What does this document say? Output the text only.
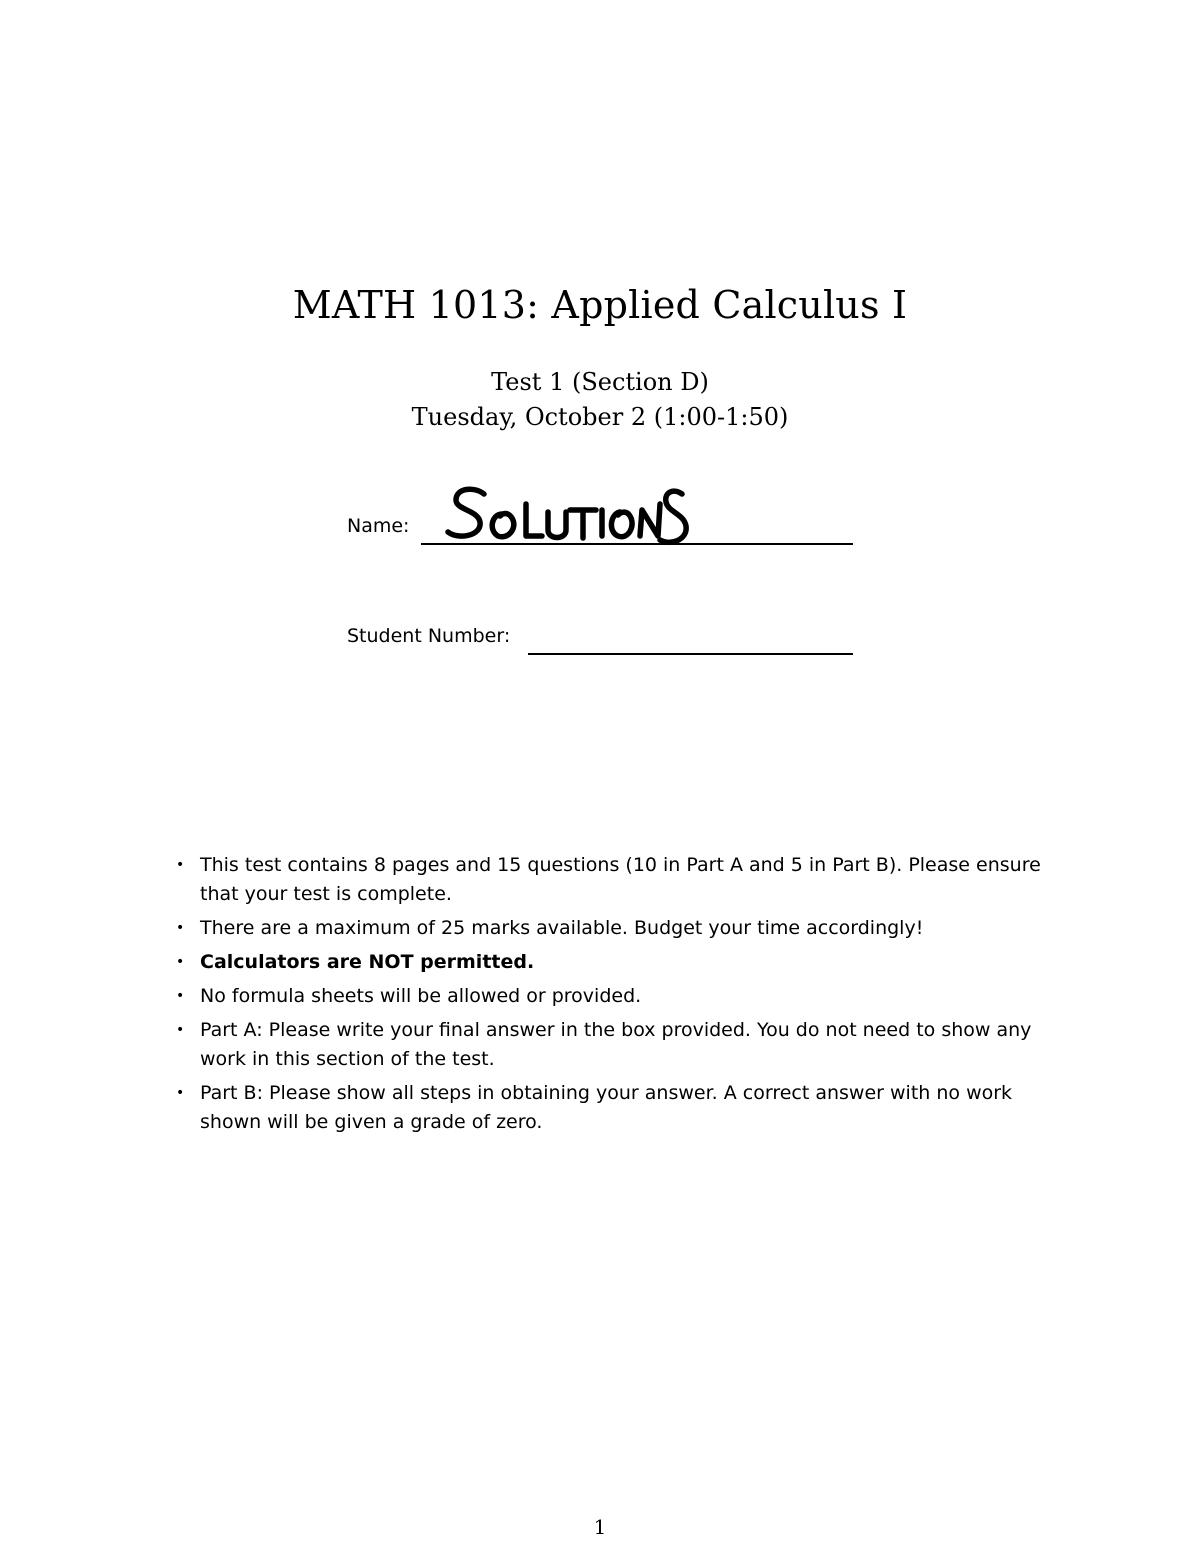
MATH 1013: Applied Calculus I

Test 1 (Section D)

Tuesday, October 2 (1:00-1:50)

Name:
Student Number:
• This test contains 8 pages and 15 questions (10 in Part A and 5 in Part B). Please ensure that your test is complete.
• There are a maximum of 25 marks available. Budget your time accordingly!
• Calculators are NOT permitted.
• No formula sheets will be allowed or provided.
• Part A: Please write your final answer in the box provided. You do not need to show any work in this section of the test.
• Part B: Please show all steps in obtaining your answer. A correct answer with no work shown will be given a grade of zero.
1
